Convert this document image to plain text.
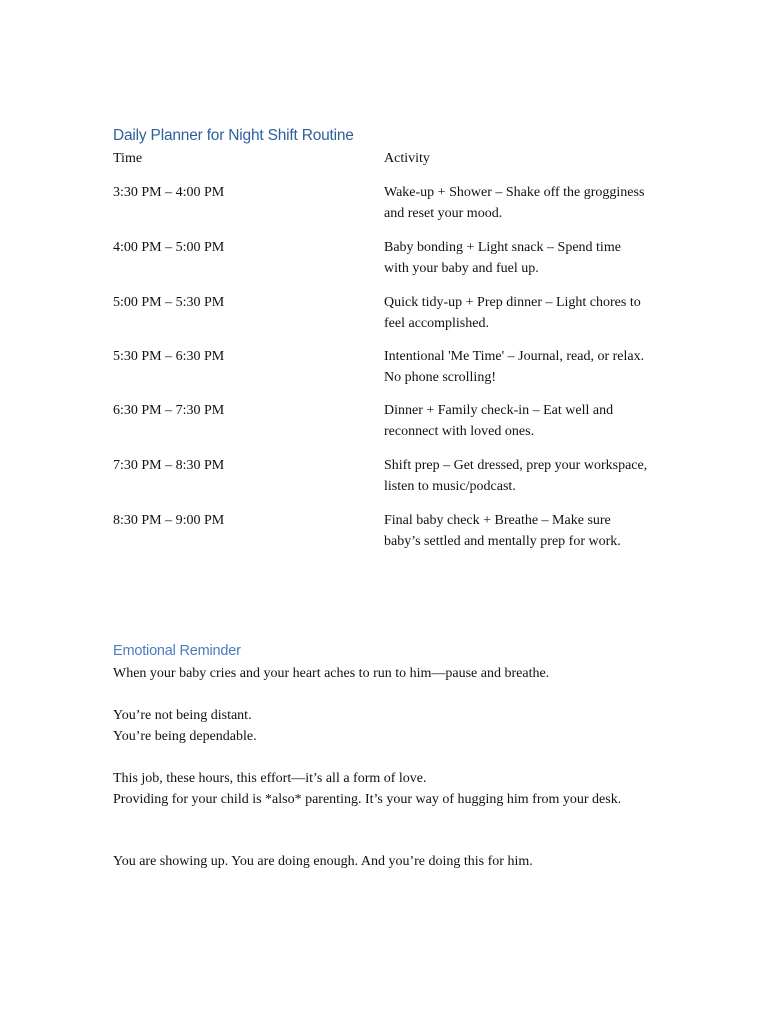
Daily Planner for Night Shift Routine
Time	Activity
3:30 PM – 4:00 PM	Wake-up + Shower – Shake off the grogginess and reset your mood.
4:00 PM – 5:00 PM	Baby bonding + Light snack – Spend time with your baby and fuel up.
5:00 PM – 5:30 PM	Quick tidy-up + Prep dinner – Light chores to feel accomplished.
5:30 PM – 6:30 PM	Intentional 'Me Time' – Journal, read, or relax. No phone scrolling!
6:30 PM – 7:30 PM	Dinner + Family check-in – Eat well and reconnect with loved ones.
7:30 PM – 8:30 PM	Shift prep – Get dressed, prep your workspace, listen to music/podcast.
8:30 PM – 9:00 PM	Final baby check + Breathe – Make sure baby’s settled and mentally prep for work.
Emotional Reminder
When your baby cries and your heart aches to run to him—pause and breathe.
You’re not being distant.
You’re being dependable.
This job, these hours, this effort—it’s all a form of love.
Providing for your child is *also* parenting. It’s your way of hugging him from your desk.
You are showing up. You are doing enough. And you’re doing this for him.
